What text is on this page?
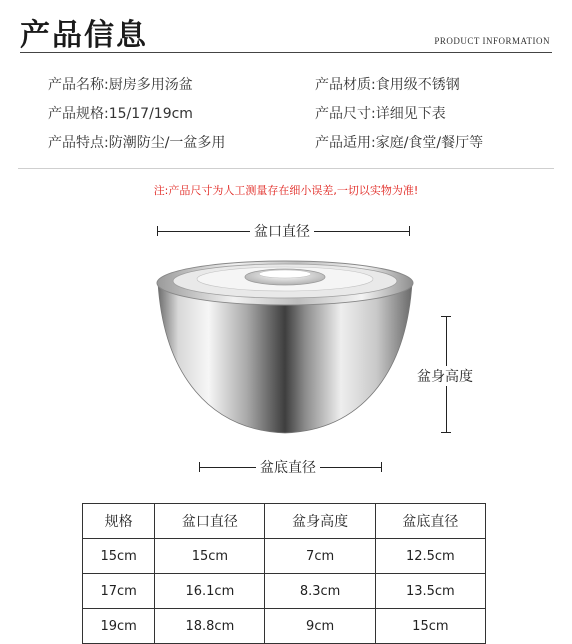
产品信息	PRODUCT INFORMATION
产品名称:厨房多用汤盆	产品材质:食用级不锈钢
产品规格:15/17/19cm	产品尺寸:详细见下表
产品特点:防潮防尘/一盆多用	产品适用:家庭/食堂/餐厅等
注:产品尺寸为人工测量存在细小误差,一切以实物为准!
盆口直径
盆身高度
盆底直径
规格	盆口直径	盆身高度	盆底直径
15cm	15cm	7cm	12.5cm
17cm	16.1cm	8.3cm	13.5cm
19cm	18.8cm	9cm	15cm
